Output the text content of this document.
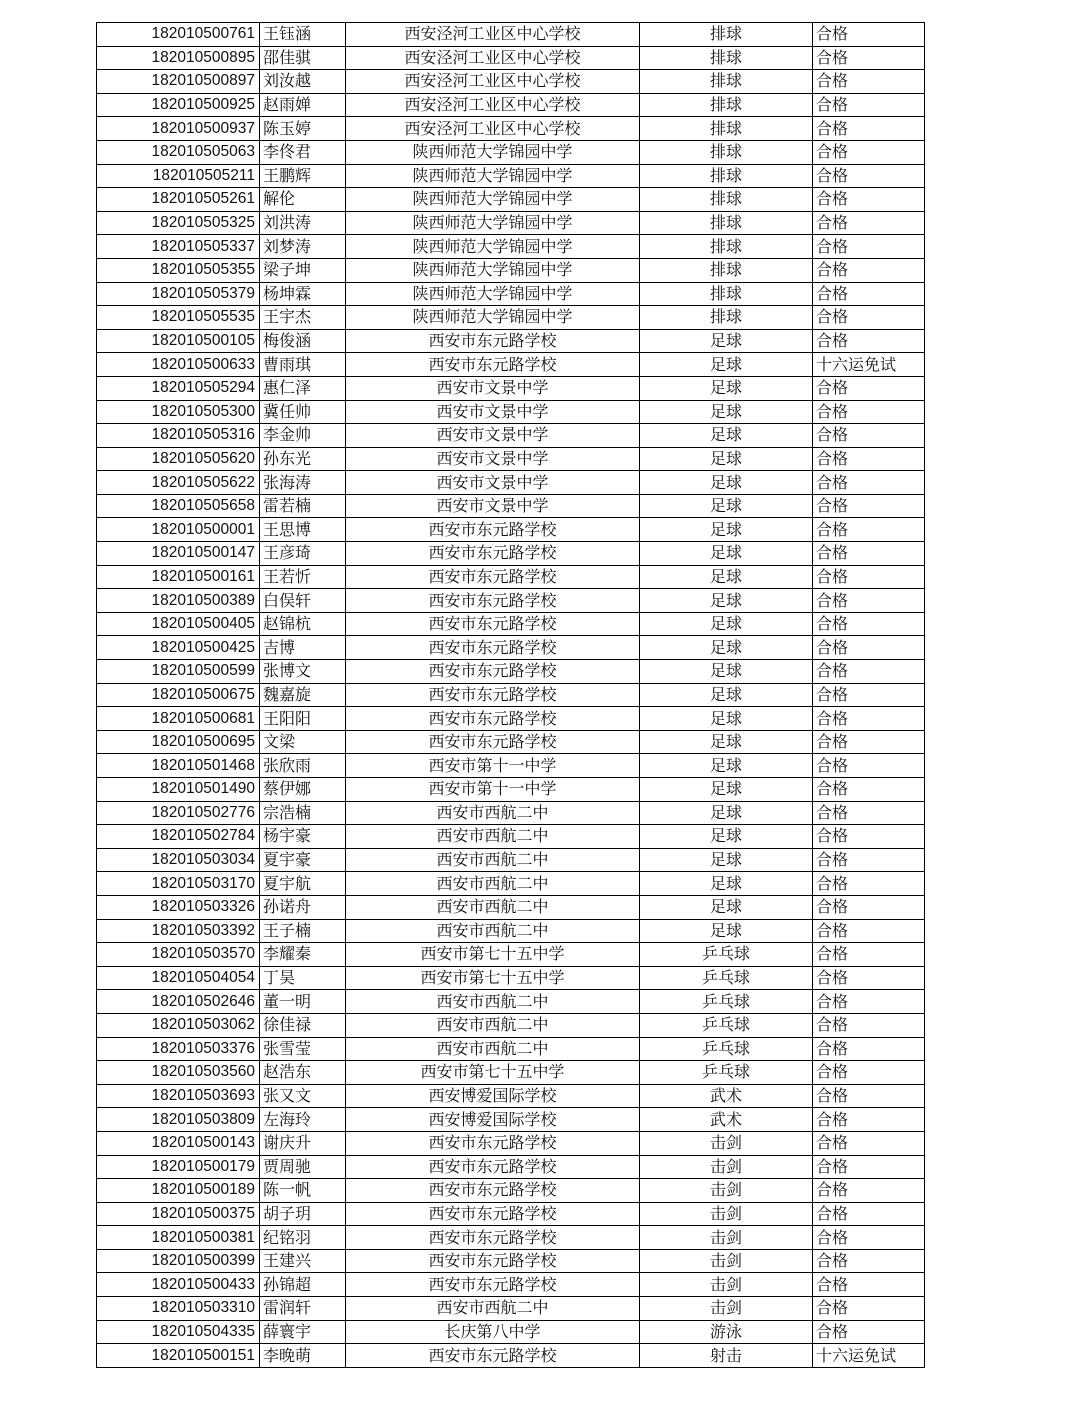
182010500761	王钰涵	西安泾河工业区中心学校	排球	合格
182010500895	邵佳骐	西安泾河工业区中心学校	排球	合格
182010500897	刘汝越	西安泾河工业区中心学校	排球	合格
182010500925	赵雨婵	西安泾河工业区中心学校	排球	合格
182010500937	陈玉婷	西安泾河工业区中心学校	排球	合格
182010505063	李佟君	陕西师范大学锦园中学	排球	合格
182010505211	王鹏辉	陕西师范大学锦园中学	排球	合格
182010505261	解伦	陕西师范大学锦园中学	排球	合格
182010505325	刘洪涛	陕西师范大学锦园中学	排球	合格
182010505337	刘梦涛	陕西师范大学锦园中学	排球	合格
182010505355	梁子坤	陕西师范大学锦园中学	排球	合格
182010505379	杨坤霖	陕西师范大学锦园中学	排球	合格
182010505535	王宇杰	陕西师范大学锦园中学	排球	合格
182010500105	梅俊涵	西安市东元路学校	足球	合格
182010500633	曹雨琪	西安市东元路学校	足球	十六运免试
182010505294	惠仁泽	西安市文景中学	足球	合格
182010505300	冀任帅	西安市文景中学	足球	合格
182010505316	李金帅	西安市文景中学	足球	合格
182010505620	孙东光	西安市文景中学	足球	合格
182010505622	张海涛	西安市文景中学	足球	合格
182010505658	雷若楠	西安市文景中学	足球	合格
182010500001	王思博	西安市东元路学校	足球	合格
182010500147	王彦琦	西安市东元路学校	足球	合格
182010500161	王若忻	西安市东元路学校	足球	合格
182010500389	白俣轩	西安市东元路学校	足球	合格
182010500405	赵锦杭	西安市东元路学校	足球	合格
182010500425	吉博	西安市东元路学校	足球	合格
182010500599	张博文	西安市东元路学校	足球	合格
182010500675	魏嘉旋	西安市东元路学校	足球	合格
182010500681	王阳阳	西安市东元路学校	足球	合格
182010500695	文梁	西安市东元路学校	足球	合格
182010501468	张欣雨	西安市第十一中学	足球	合格
182010501490	蔡伊娜	西安市第十一中学	足球	合格
182010502776	宗浩楠	西安市西航二中	足球	合格
182010502784	杨宇豪	西安市西航二中	足球	合格
182010503034	夏宇豪	西安市西航二中	足球	合格
182010503170	夏宇航	西安市西航二中	足球	合格
182010503326	孙诺舟	西安市西航二中	足球	合格
182010503392	王子楠	西安市西航二中	足球	合格
182010503570	李耀秦	西安市第七十五中学	乒乓球	合格
182010504054	丁昊	西安市第七十五中学	乒乓球	合格
182010502646	董一明	西安市西航二中	乒乓球	合格
182010503062	徐佳禄	西安市西航二中	乒乓球	合格
182010503376	张雪莹	西安市西航二中	乒乓球	合格
182010503560	赵浩东	西安市第七十五中学	乒乓球	合格
182010503693	张又文	西安博爱国际学校	武术	合格
182010503809	左海玲	西安博爱国际学校	武术	合格
182010500143	谢庆升	西安市东元路学校	击剑	合格
182010500179	贾周驰	西安市东元路学校	击剑	合格
182010500189	陈一帆	西安市东元路学校	击剑	合格
182010500375	胡子玥	西安市东元路学校	击剑	合格
182010500381	纪铭羽	西安市东元路学校	击剑	合格
182010500399	王建兴	西安市东元路学校	击剑	合格
182010500433	孙锦超	西安市东元路学校	击剑	合格
182010503310	雷润轩	西安市西航二中	击剑	合格
182010504335	薛寰宇	长庆第八中学	游泳	合格
182010500151	李晚萌	西安市东元路学校	射击	十六运免试
